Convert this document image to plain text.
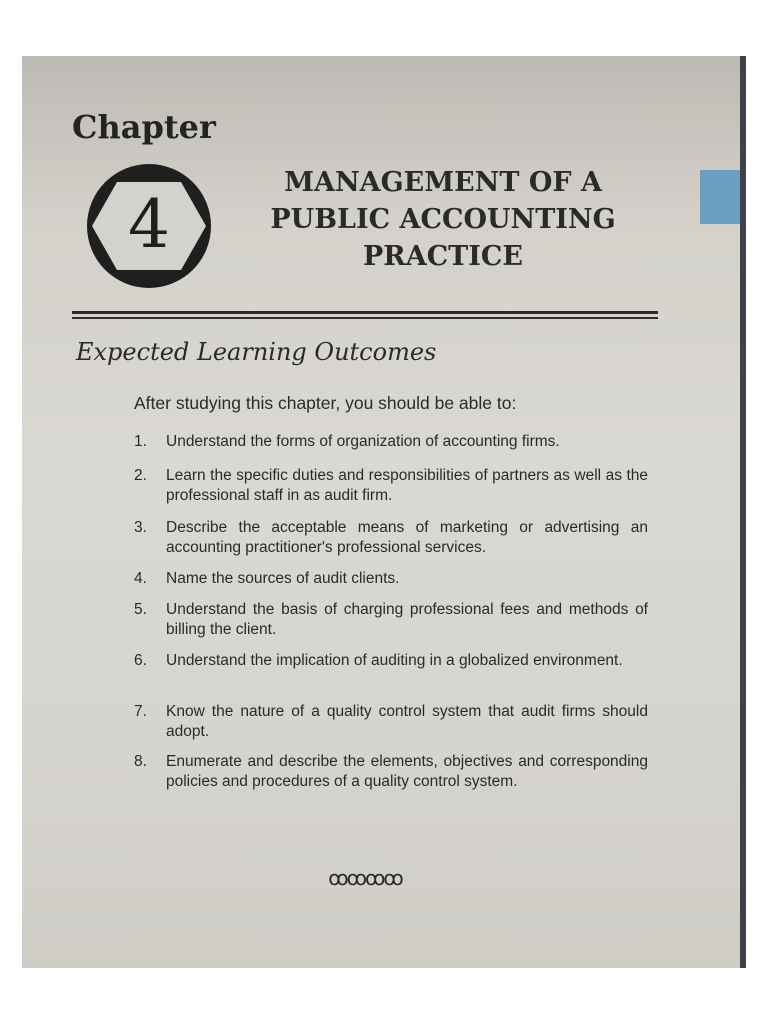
Chapter
4
MANAGEMENT OF A
PUBLIC ACCOUNTING
PRACTICE
Expected Learning Outcomes
After studying this chapter, you should be able to:
1. Understand the forms of organization of accounting firms.
2. Learn the specific duties and responsibilities of partners as well as the professional staff in as audit firm.
3. Describe the acceptable means of marketing or advertising an accounting practitioner's professional services.
4. Name the sources of audit clients.
5. Understand the basis of charging professional fees and methods of billing the client.
6. Understand the implication of auditing in a globalized environment.
7. Know the nature of a quality control system that audit firms should adopt.
8. Enumerate and describe the elements, objectives and corresponding policies and procedures of a quality control system.
ꝏꝏꝏꝏ
